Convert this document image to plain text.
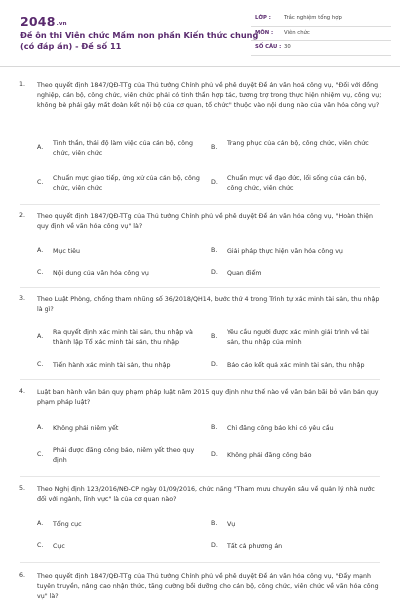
2048.vn
Đề ôn thi Viên chức Mầm non phần Kiến thức chung (có đáp án) - Đề số 11
LỚP : Trắc nghiệm tổng hợp
MÔN : Viên chức
SỐ CÂU : 30
1. Theo quyết định 1847/QĐ-TTg của Thủ tướng Chính phủ về phê duyệt Đề án văn hoá công vụ, "Đối với đồng nghiệp, cán bộ, công chức, viên chức phải có tinh thần hợp tác, tương trợ trong thực hiện nhiệm vụ, công vụ; không bè phái gây mất đoàn kết nội bộ của cơ quan, tổ chức" thuộc vào nội dung nào của văn hóa công vụ?
A.
Tinh thần, thái độ làm việc của cán bộ, công chức, viên chức
B.
Trang phục của cán bộ, công chức, viên chức
C.
Chuẩn mực giao tiếp, ứng xử của cán bộ, công chức, viên chức
D.
Chuẩn mực về đạo đức, lối sống của cán bộ, công chức, viên chức
2. Theo quyết định 1847/QĐ-TTg của Thủ tướng Chính phủ về phê duyệt Đề án văn hóa công vụ, "Hoàn thiện quy định về văn hóa công vụ" là?
A. Mục tiêu	B. Giải pháp thực hiện văn hóa công vụ
C. Nội dung của văn hóa công vụ	D. Quan điểm
3. Theo Luật Phòng, chống tham nhũng số 36/2018/QH14, bước thứ 4 trong Trình tự xác minh tài sản, thu nhập là gì?
A.
Ra quyết định xác minh tài sản, thu nhập và thành lập Tổ xác minh tài sản, thu nhập
B.
Yêu cầu người được xác minh giải trình về tài sản, thu nhập của mình
C. Tiến hành xác minh tài sản, thu nhập	D. Báo cáo kết quả xác minh tài sản, thu nhập
4. Luật ban hành văn bản quy phạm pháp luật năm 2015 quy định như thế nào về văn bản bãi bỏ văn bản quy phạm pháp luật?
A. Không phải niêm yết	B. Chỉ đăng công báo khi có yêu cầu
C.
Phải được đăng công báo, niêm yết theo quy định
D. Không phải đăng công báo
5. Theo Nghị định 123/2016/NĐ-CP ngày 01/09/2016, chức năng "Tham mưu chuyên sâu về quản lý nhà nước đối với ngành, lĩnh vực" là của cơ quan nào?
A. Tổng cục	B. Vụ
C. Cục	D. Tất cả phương án
6. Theo quyết định 1847/QĐ-TTg của Thủ tướng Chính phủ về phê duyệt Đề án văn hóa công vụ, "Đẩy mạnh tuyên truyền, nâng cao nhận thức, tăng cường bồi dưỡng cho cán bộ, công chức, viên chức về văn hóa công vụ" là?
